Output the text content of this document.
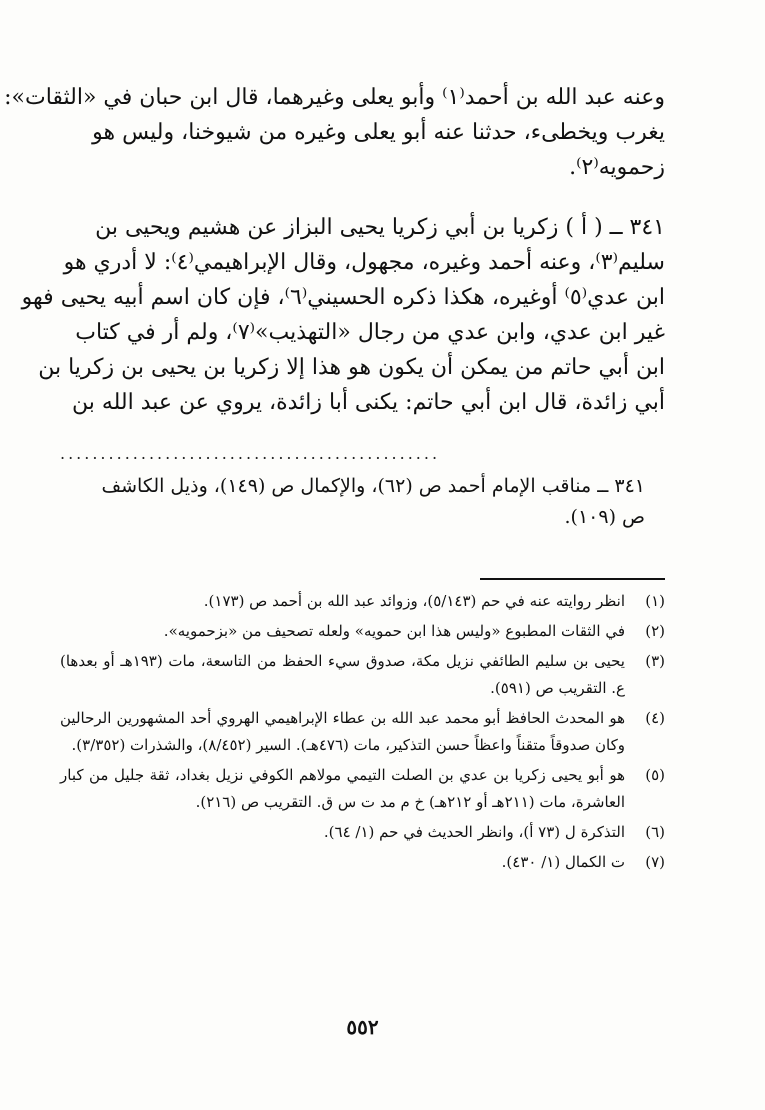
وعنه عبد الله بن أحمد⁽١⁾ وأبو يعلى وغيرهما، قال ابن حبان في «الثقات»:
يغرب ويخطىء، حدثنا عنه أبو يعلى وغيره من شيوخنا، وليس هو
زحمويه⁽٢⁾.

٣٤١ ــ ( أ ) زكريا بن أبي زكريا يحيى البزاز عن هشيم ويحيى بن
سليم⁽٣⁾، وعنه أحمد وغيره، مجهول، وقال الإبراهيمي⁽٤⁾: لا أدري هو
ابن عدي⁽٥⁾ أوغيره، هكذا ذكره الحسيني⁽٦⁾، فإن كان اسم أبيه يحيى فهو
غير ابن عدي، وابن عدي من رجال «التهذيب»⁽٧⁾، ولم أر في كتاب
ابن أبي حاتم من يمكن أن يكون هو هذا إلا زكريا بن يحيى بن زكريا بن
أبي زائدة، قال ابن أبي حاتم: يكنى أبا زائدة، يروي عن عبد الله بن

...............................................
٣٤١ ــ مناقب الإمام أحمد ص (٦٢)، والإكمال ص (١٤٩)، وذيل الكاشف
ص (١٠٩).
(١)
انظر روايته عنه في حم (٥/١٤٣)، وزوائد عبد الله بن أحمد ص (١٧٣).
(٢)
في الثقات المطبوع «وليس هذا ابن حمويه» ولعله تصحيف من «بزحمويه».
(٣)
يحيى بن سليم الطائفي نزيل مكة، صدوق سيء الحفظ من التاسعة، مات (١٩٣هـ أو بعدها) ع. التقريب ص (٥٩١).
(٤)
هو المحدث الحافظ أبو محمد عبد الله بن عطاء الإبراهيمي الهروي أحد المشهورين الرحالين وكان صدوقاً متقناً واعظاً حسن التذكير، مات (٤٧٦هـ). السير (٨/٤٥٢)، والشذرات (٣/٣٥٢).
(٥)
هو أبو يحيى زكريا بن عدي بن الصلت التيمي مولاهم الكوفي نزيل بغداد، ثقة جليل من كبار العاشرة، مات (٢١١هـ أو ٢١٢هـ) خ م مد ت س ق. التقريب ص (٢١٦).
(٦)
التذكرة ل (٧٣ أ)، وانظر الحديث في حم (١/ ٦٤).
(٧)
ت الكمال (١/ ٤٣٠).
٥٥٢
